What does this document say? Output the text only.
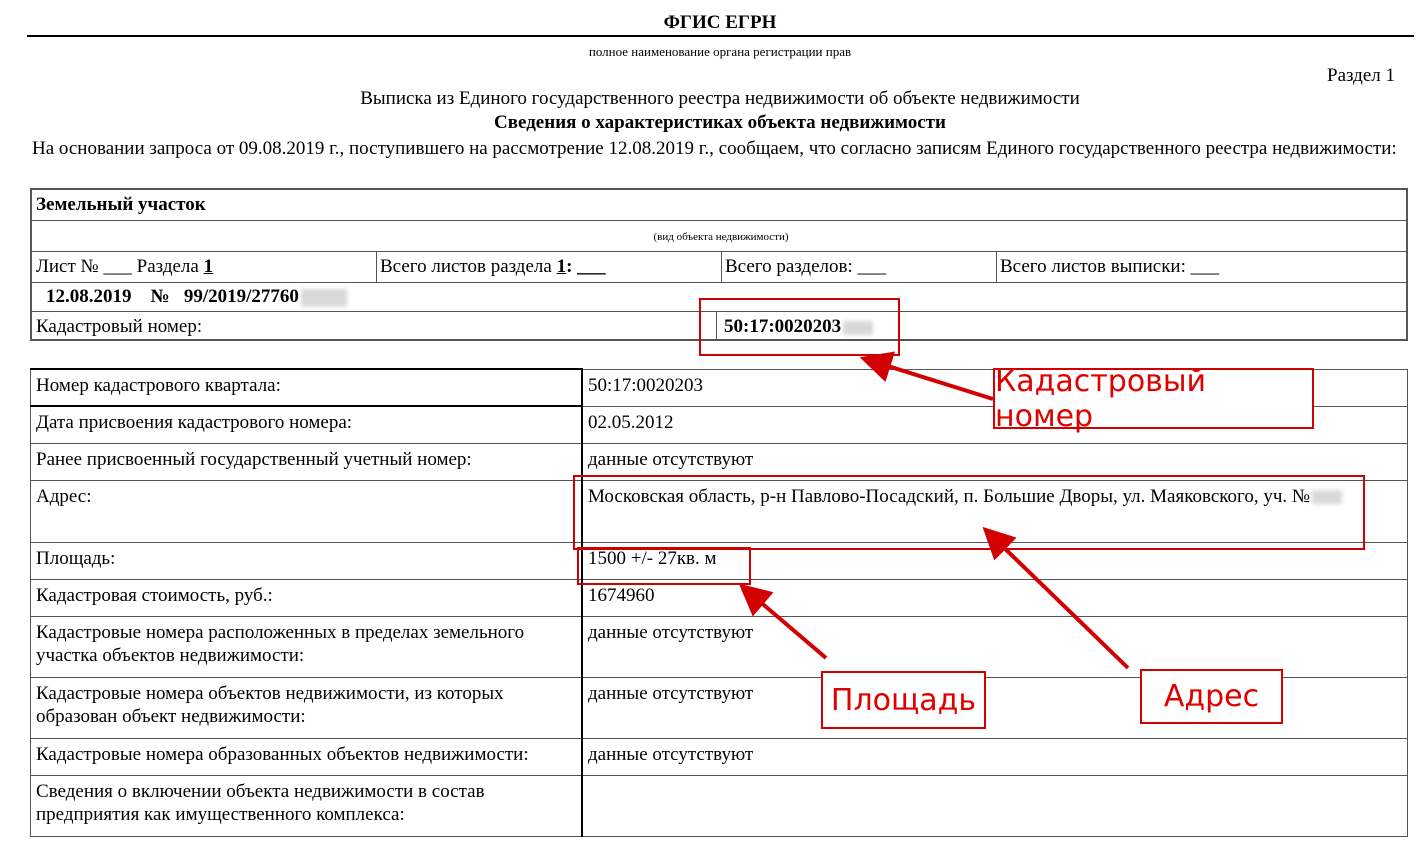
ФГИС ЕГРН
полное наименование органа регистрации прав
Раздел 1
Выписка из Единого государственного реестра недвижимости об объекте недвижимости
Сведения о характеристиках объекта недвижимости
На основании запроса от 09.08.2019 г., поступившего на рассмотрение 12.08.2019 г., сообщаем, что согласно записям Единого государственного реестра недвижимости:
Земельный участок
(вид объекта недвижимости)
Лист № ___ Раздела 1	Всего листов раздела 1: ___	Всего разделов: ___	Всего листов выписки: ___
12.08.2019 № 99/2019/27760
Кадастровый номер:	50:17:0020203
Номер кадастрового квартала:	50:17:0020203
Дата присвоения кадастрового номера:	02.05.2012
Ранее присвоенный государственный учетный номер:	данные отсутствуют
Адрес:	Московская область, р-н Павлово-Посадский, п. Большие Дворы, ул. Маяковского, уч. №
Площадь:	1500 +/- 27кв. м
Кадастровая стоимость, руб.:	1674960
Кадастровые номера расположенных в пределах земельного участка объектов недвижимости:	данные отсутствуют
Кадастровые номера объектов недвижимости, из которых образован объект недвижимости:	данные отсутствуют
Кадастровые номера образованных объектов недвижимости:	данные отсутствуют
Сведения о включении объекта недвижимости в состав предприятия как имущественного комплекса:	
Кадастровый номер
Площадь	Адрес
